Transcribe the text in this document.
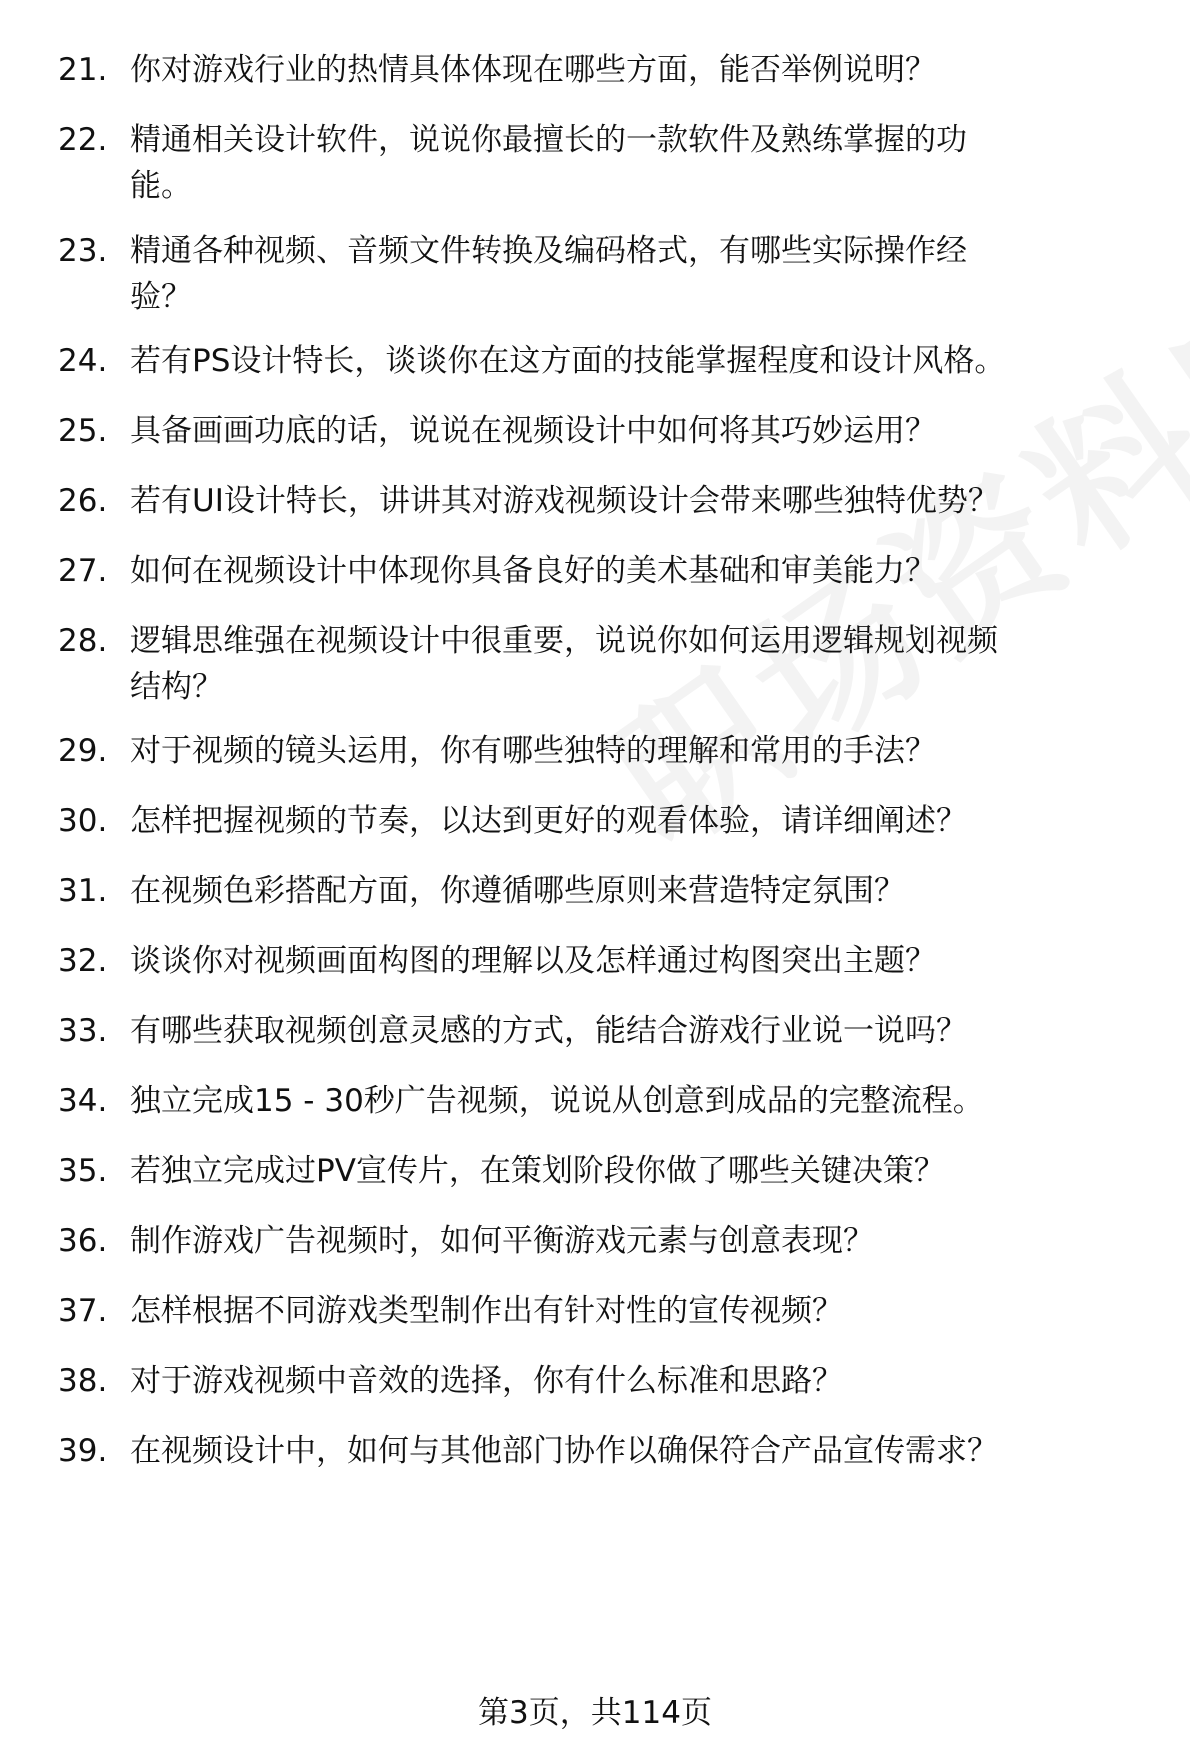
21. 你对游戏行业的热情具体体现在哪些方面，能否举例说明？
22. 精通相关设计软件，说说你最擅长的一款软件及熟练掌握的功
能。
23. 精通各种视频、音频文件转换及编码格式，有哪些实际操作经
验？
24. 若有PS设计特长，谈谈你在这方面的技能掌握程度和设计风格。
25. 具备画画功底的话，说说在视频设计中如何将其巧妙运用？
26. 若有UI设计特长，讲讲其对游戏视频设计会带来哪些独特优势？
27. 如何在视频设计中体现你具备良好的美术基础和审美能力？
28. 逻辑思维强在视频设计中很重要，说说你如何运用逻辑规划视频
结构？
29. 对于视频的镜头运用，你有哪些独特的理解和常用的手法？
30. 怎样把握视频的节奏，以达到更好的观看体验，请详细阐述？
31. 在视频色彩搭配方面，你遵循哪些原则来营造特定氛围？
32. 谈谈你对视频画面构图的理解以及怎样通过构图突出主题？
33. 有哪些获取视频创意灵感的方式，能结合游戏行业说一说吗？
34. 独立完成15 - 30秒广告视频，说说从创意到成品的完整流程。
35. 若独立完成过PV宣传片，在策划阶段你做了哪些关键决策？
36. 制作游戏广告视频时，如何平衡游戏元素与创意表现？
37. 怎样根据不同游戏类型制作出有针对性的宣传视频？
38. 对于游戏视频中音效的选择，你有什么标准和思路？
39. 在视频设计中，如何与其他部门协作以确保符合产品宣传需求？
第3页，共114页
